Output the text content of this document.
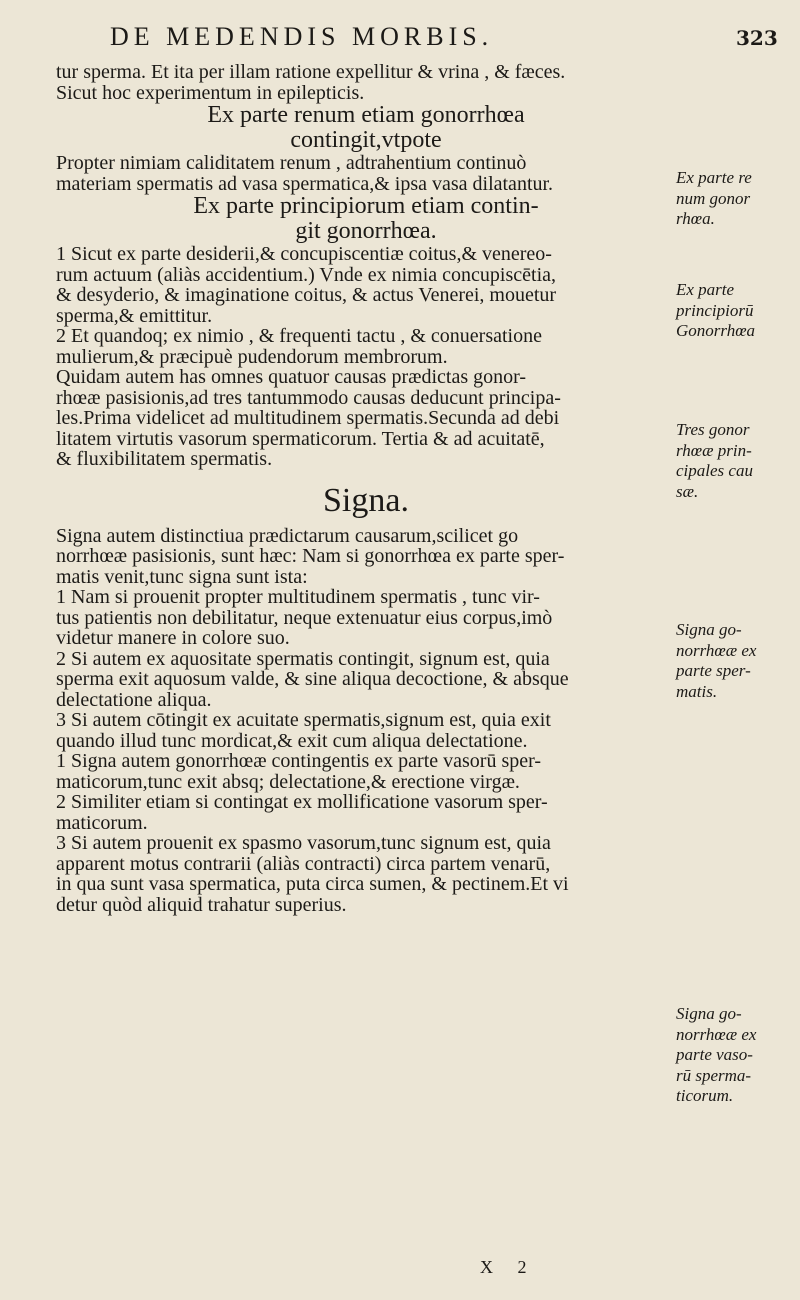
DE MEDENDIS MORBIS.	323
tur sperma. Et ita per illam ratione expellitur & vrina , & fæces.
Sicut hoc experimentum in epilepticis.
Ex parte renum etiam gonorrhœa
contingit,vtpote
Propter nimiam caliditatem renum , adtrahentium continuò
materiam spermatis ad vasa spermatica,& ipsa vasa dilatantur.
Ex parte principiorum etiam contin-
git gonorrhœa.
1 Sicut ex parte desiderii,& concupiscentiæ coitus,& venereo-
rum actuum (aliàs accidentium.) Vnde ex nimia concupiscētia,
& desyderio, & imaginatione coitus, & actus Venerei, mouetur
sperma,& emittitur.
2 Et quandoq; ex nimio , & frequenti tactu , & conuersatione
mulierum,& præcipuè pudendorum membrorum.
Quidam autem has omnes quatuor causas prædictas gonor-
rhœæ pasisionis,ad tres tantummodo causas deducunt principa-
les.Prima videlicet ad multitudinem spermatis.Secunda ad debi
litatem virtutis vasorum spermaticorum. Tertia & ad acuitatē,
& fluxibilitatem spermatis.
Signa.
Signa autem distinctiua prædictarum causarum,scilicet go
norrhœæ pasisionis, sunt hæc: Nam si gonorrhœa ex parte sper-
matis venit,tunc signa sunt ista:
1 Nam si prouenit propter multitudinem spermatis , tunc vir-
tus patientis non debilitatur, neque extenuatur eius corpus,imò
videtur manere in colore suo.
2 Si autem ex aquositate spermatis contingit, signum est, quia
sperma exit aquosum valde, & sine aliqua decoctione, & absque
delectatione aliqua.
3 Si autem cōtingit ex acuitate spermatis,signum est, quia exit
quando illud tunc mordicat,& exit cum aliqua delectatione.
1 Signa autem gonorrhœæ contingentis ex parte vasorū sper-
maticorum,tunc exit absq; delectatione,& erectione virgæ.
2 Similiter etiam si contingat ex mollificatione vasorum sper-
maticorum.
3 Si autem prouenit ex spasmo vasorum,tunc signum est, quia
apparent motus contrarii (aliàs contracti) circa partem venarū,
in qua sunt vasa spermatica, puta circa sumen, & pectinem.Et vi
detur quòd aliquid trahatur superius.
Ex parte re
num gonor
rhœa.
Ex parte
principiorū
Gonorrhœa
Tres gonor
rhœæ prin-
cipales cau
sæ.
Signa go-
norrhœæ ex
parte sper-
matis.
Signa go-
norrhœæ ex
parte vaso-
rū sperma-
ticorum.
X 2
